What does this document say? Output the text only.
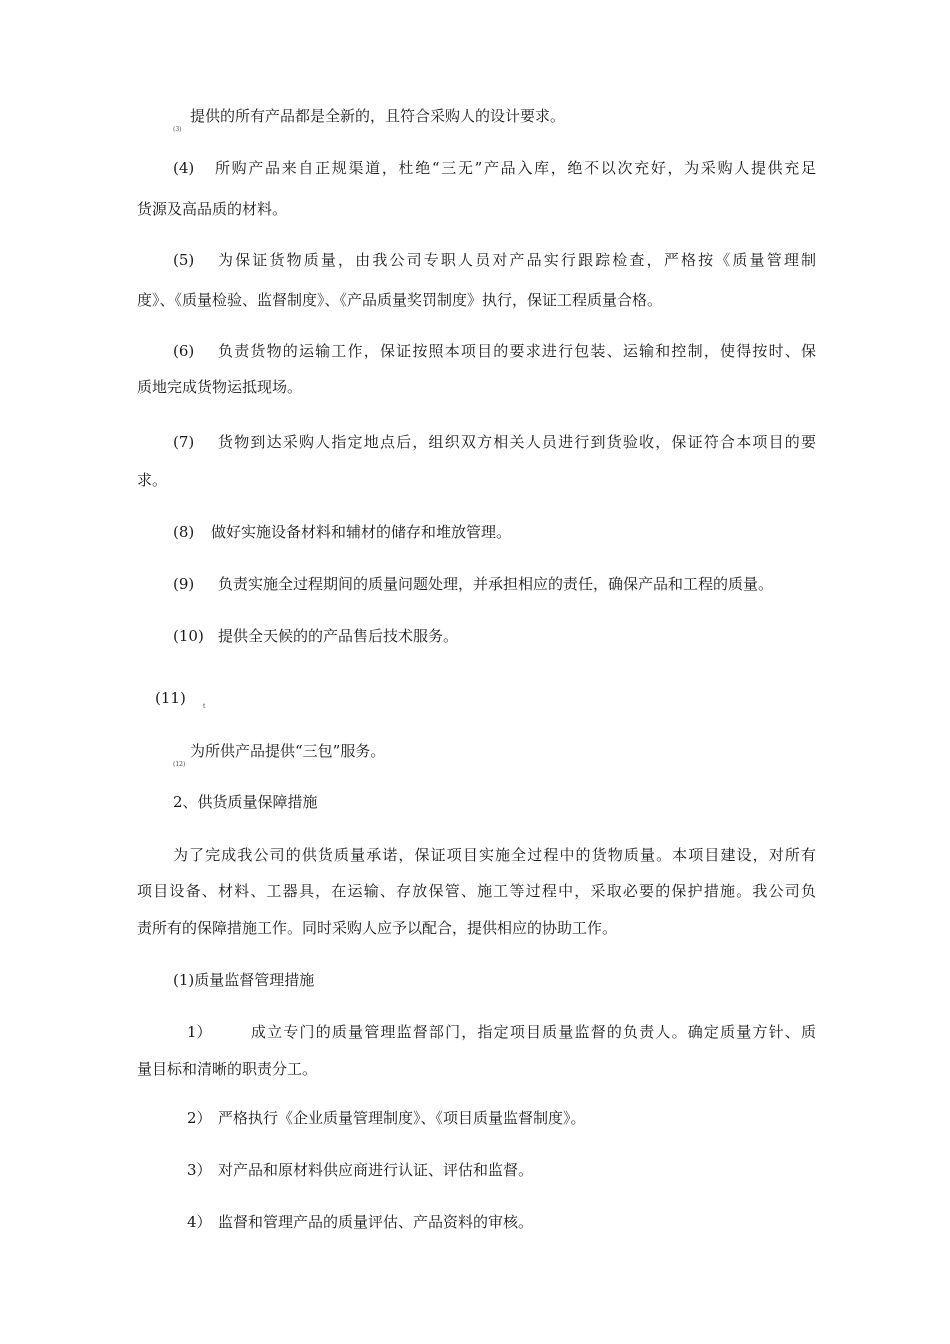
(3)
提供的所有产品都是全新的，且符合采购人的设计要求。
(4) 所购产品来自正规渠道，杜绝“三无”产品入库，绝不以次充好，为采购人提供充足
货源及高品质的材料。
(5) 为保证货物质量，由我公司专职人员对产品实行跟踪检查，严格按《质量管理制
度》、《质量检验、监督制度》、《产品质量奖罚制度》执行，保证工程质量合格。
(6) 负责货物的运输工作，保证按照本项目的要求进行包装、运输和控制，使得按时、保
质地完成货物运抵现场。
(7) 货物到达采购人指定地点后，组织双方相关人员进行到货验收，保证符合本项目的要
求。
(8) 做好实施设备材料和辅材的储存和堆放管理。
(9) 负责实施全过程期间的质量问题处理，并承担相应的责任，确保产品和工程的质量。
(10) 提供全天候的的产品售后技术服务。
(11)	t
(12)
为所供产品提供“三包”服务。
2、供货质量保障措施
为了完成我公司的供货质量承诺，保证项目实施全过程中的货物质量。本项目建设，对所有
项目设备、材料、工器具，在运输、存放保管、施工等过程中，采取必要的保护措施。我公司负
责所有的保障措施工作。同时采购人应予以配合，提供相应的协助工作。
(1)质量监督管理措施
1）	成立专门的质量管理监督部门，指定项目质量监督的负责人。确定质量方针、质
量目标和清晰的职责分工。
2） 严格执行《企业质量管理制度》、《项目质量监督制度》。
3） 对产品和原材料供应商进行认证、评估和监督。
4） 监督和管理产品的质量评估、产品资料的审核。
